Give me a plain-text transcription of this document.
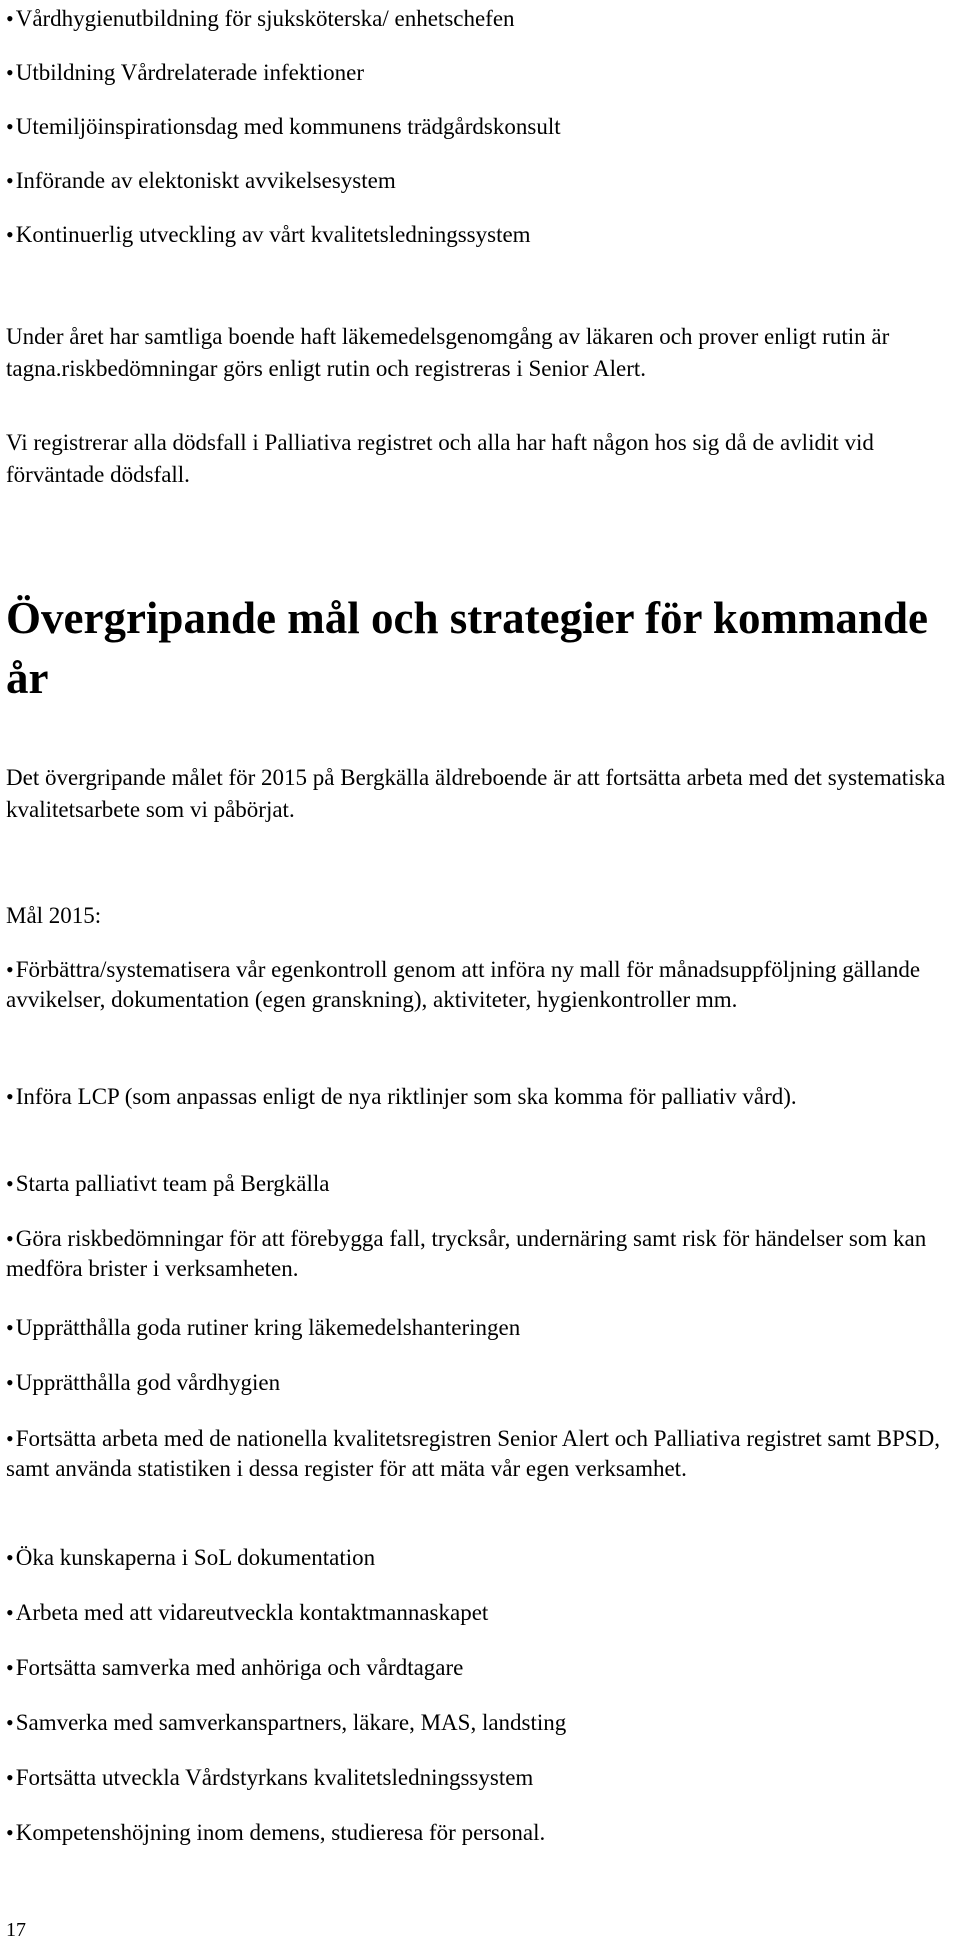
• Vårdhygienutbildning för sjuksköterska/ enhetschefen
• Utbildning Vårdrelaterade infektioner
• Utemiljöinspirationsdag med kommunens trädgårdskonsult
• Införande av elektoniskt avvikelsesystem
• Kontinuerlig utveckling av vårt kvalitetsledningssystem

Under året har samtliga boende haft läkemedelsgenomgång av läkaren och prover enligt rutin är tagna.riskbedömningar görs enligt rutin och registreras i Senior Alert.

Vi registrerar alla dödsfall i Palliativa registret och alla har haft någon hos sig då de avlidit vid förväntade dödsfall.

Övergripande mål och strategier för kommande år

Det övergripande målet för 2015 på Bergkälla äldreboende är att fortsätta arbeta med det systematiska kvalitetsarbete som vi påbörjat.

Mål 2015:

• Förbättra/systematisera vår egenkontroll genom att införa ny mall för månadsuppföljning gällande avvikelser, dokumentation (egen granskning), aktiviteter, hygienkontroller mm.
• Införa LCP (som anpassas enligt de nya riktlinjer som ska komma för palliativ vård).
• Starta palliativt team på Bergkälla
• Göra riskbedömningar för att förebygga fall, trycksår, undernäring samt risk för händelser som kan medföra brister i verksamheten.
• Upprätthålla goda rutiner kring läkemedelshanteringen
• Upprätthålla god vårdhygien
• Fortsätta arbeta med de nationella kvalitetsregistren Senior Alert och Palliativa registret samt BPSD, samt använda statistiken i dessa register för att mäta vår egen verksamhet.
• Öka kunskaperna i SoL dokumentation
• Arbeta med att vidareutveckla kontaktmannaskapet
• Fortsätta samverka med anhöriga och vårdtagare
• Samverka med samverkanspartners, läkare, MAS, landsting
• Fortsätta utveckla Vårdstyrkans kvalitetsledningssystem
• Kompetenshöjning inom demens, studieresa för personal.
17
